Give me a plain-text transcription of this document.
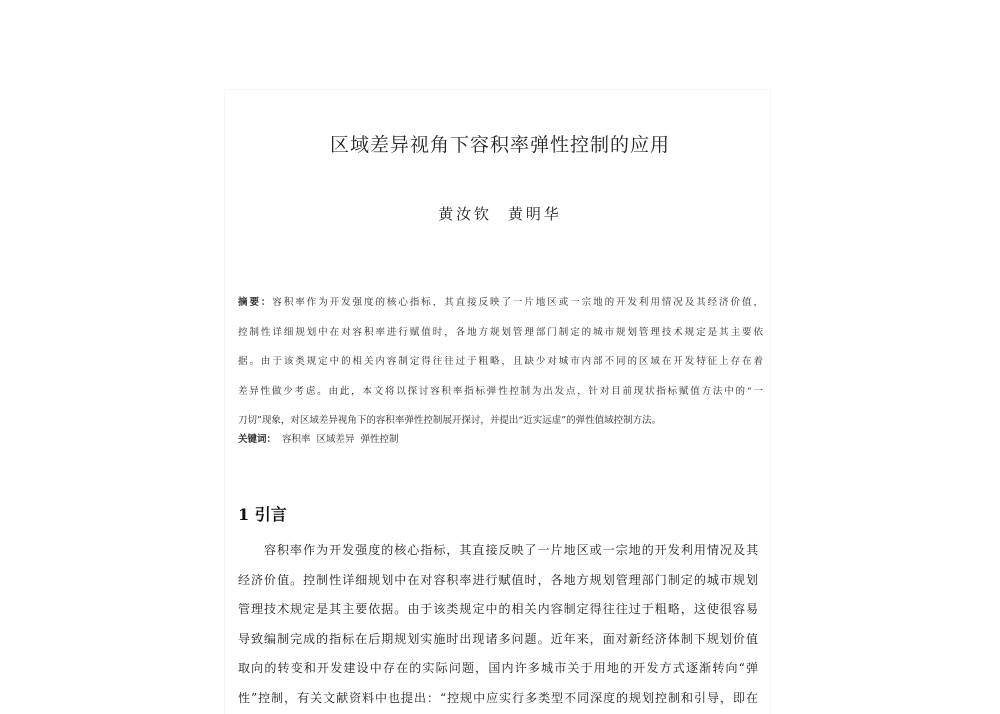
区域差异视角下容积率弹性控制的应用
黄汝钦 黄明华
摘要：容积率作为开发强度的核心指标，其直接反映了一片地区或一宗地的开发利用情况及其经济价值，
控制性详细规划中在对容积率进行赋值时，各地方规划管理部门制定的城市规划管理技术规定是其主要依
据。由于该类规定中的相关内容制定得往往过于粗略，且缺少对城市内部不同的区域在开发特征上存在着
差异性做少考虑。由此，本文将以探讨容积率指标弹性控制为出发点，针对目前现状指标赋值方法中的“一
刀切”现象，对区域差异视角下的容积率弹性控制展开探讨，并提出“近实远虚”的弹性值域控制方法。
关键词： 容积率 区域差异 弹性控制
1 引言
容积率作为开发强度的核心指标，其直接反映了一片地区或一宗地的开发利用情况及其
经济价值。控制性详细规划中在对容积率进行赋值时，各地方规划管理部门制定的城市规划
管理技术规定是其主要依据。由于该类规定中的相关内容制定得往往过于粗略，这使很容易
导致编制完成的指标在后期规划实施时出现诸多问题。近年来，面对新经济体制下规划价值
取向的转变和开发建设中存在的实际问题，国内许多城市关于用地的开发方式逐渐转向“弹
性”控制，有关文献资料中也提出：“控规中应实行多类型不同深度的规划控制和引导，即在
